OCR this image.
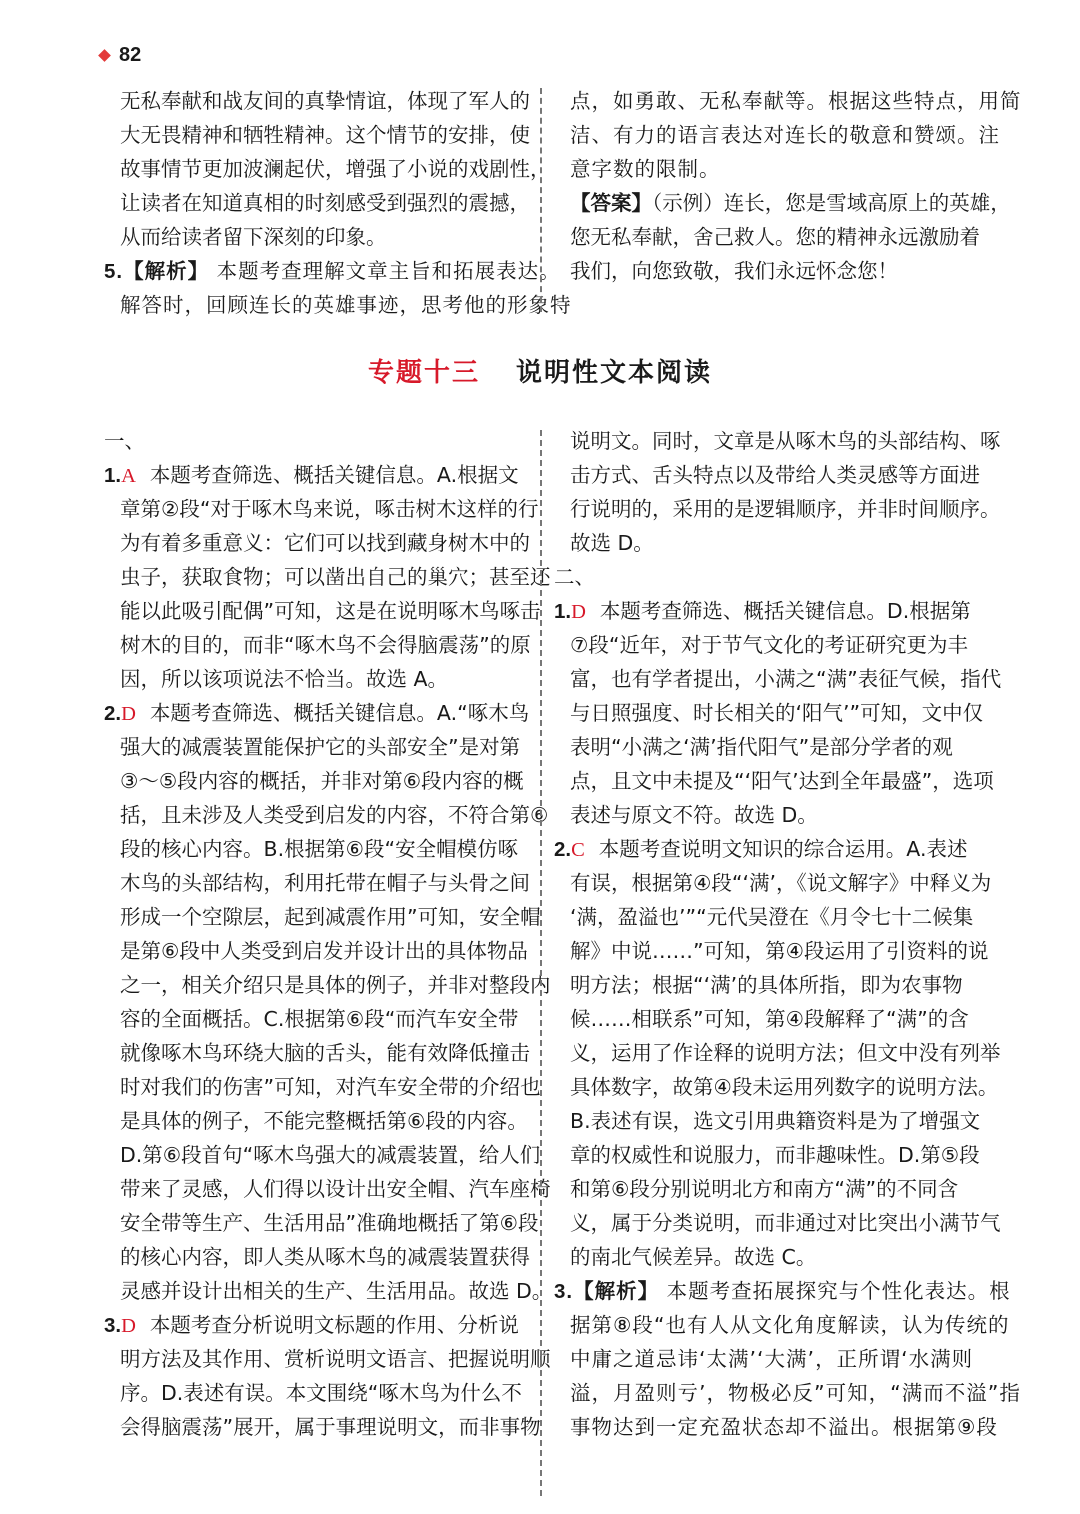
82
无私奉献和战友间的真挚情谊，体现了军人的
大无畏精神和牺牲精神。这个情节的安排，使
故事情节更加波澜起伏，增强了小说的戏剧性，
让读者在知道真相的时刻感受到强烈的震撼，
从而给读者留下深刻的印象。
5.【解析】 本题考查理解文章主旨和拓展表达。
解答时，回顾连长的英雄事迹，思考他的形象特
点，如勇敢、无私奉献等。根据这些特点，用简
洁、有力的语言表达对连长的敬意和赞颂。注
意字数的限制。
【答案】（示例）连长，您是雪域高原上的英雄，
您无私奉献，舍己救人。您的精神永远激励着
我们，向您致敬，我们永远怀念您！
专题十三 说明性文本阅读
一、
1.A 本题考查筛选、概括关键信息。A.根据文
章第②段“对于啄木鸟来说，啄击树木这样的行
为有着多重意义：它们可以找到藏身树木中的
虫子，获取食物；可以凿出自己的巢穴；甚至还
能以此吸引配偶”可知，这是在说明啄木鸟啄击
树木的目的，而非“啄木鸟不会得脑震荡”的原
因，所以该项说法不恰当。故选 A。
2.D 本题考查筛选、概括关键信息。A.“啄木鸟
强大的减震装置能保护它的头部安全”是对第
③～⑤段内容的概括，并非对第⑥段内容的概
括，且未涉及人类受到启发的内容，不符合第⑥
段的核心内容。B.根据第⑥段“安全帽模仿啄
木鸟的头部结构，利用托带在帽子与头骨之间
形成一个空隙层，起到减震作用”可知，安全帽
是第⑥段中人类受到启发并设计出的具体物品
之一，相关介绍只是具体的例子，并非对整段内
容的全面概括。C.根据第⑥段“而汽车安全带
就像啄木鸟环绕大脑的舌头，能有效降低撞击
时对我们的伤害”可知，对汽车安全带的介绍也
是具体的例子，不能完整概括第⑥段的内容。
D.第⑥段首句“啄木鸟强大的减震装置，给人们
带来了灵感，人们得以设计出安全帽、汽车座椅
安全带等生产、生活用品”准确地概括了第⑥段
的核心内容，即人类从啄木鸟的减震装置获得
灵感并设计出相关的生产、生活用品。故选 D。
3.D 本题考查分析说明文标题的作用、分析说
明方法及其作用、赏析说明文语言、把握说明顺
序。D.表述有误。本文围绕“啄木鸟为什么不
会得脑震荡”展开，属于事理说明文，而非事物
说明文。同时，文章是从啄木鸟的头部结构、啄
击方式、舌头特点以及带给人类灵感等方面进
行说明的，采用的是逻辑顺序，并非时间顺序。
故选 D。
二、
1.D 本题考查筛选、概括关键信息。D.根据第
⑦段“近年，对于节气文化的考证研究更为丰
富，也有学者提出，小满之“满”表征气候，指代
与日照强度、时长相关的‘阳气’”可知，文中仅
表明“小满之‘满’指代阳气”是部分学者的观
点，且文中未提及“‘阳气’达到全年最盛”，选项
表述与原文不符。故选 D。
2.C 本题考查说明文知识的综合运用。A.表述
有误，根据第④段“‘满’，《说文解字》中释义为
‘满，盈溢也’”“元代吴澄在《月令七十二候集
解》中说……”可知，第④段运用了引资料的说
明方法；根据“‘满’的具体所指，即为农事物
候……相联系”可知，第④段解释了“满”的含
义，运用了作诠释的说明方法；但文中没有列举
具体数字，故第④段未运用列数字的说明方法。
B.表述有误，选文引用典籍资料是为了增强文
章的权威性和说服力，而非趣味性。D.第⑤段
和第⑥段分别说明北方和南方“满”的不同含
义，属于分类说明，而非通过对比突出小满节气
的南北气候差异。故选 C。
3.【解析】 本题考查拓展探究与个性化表达。根
据第⑧段“也有人从文化角度解读，认为传统的
中庸之道忌讳‘太满’‘大满’，正所谓‘水满则
溢，月盈则亏’，物极必反”可知，“满而不溢”指
事物达到一定充盈状态却不溢出。根据第⑨段
